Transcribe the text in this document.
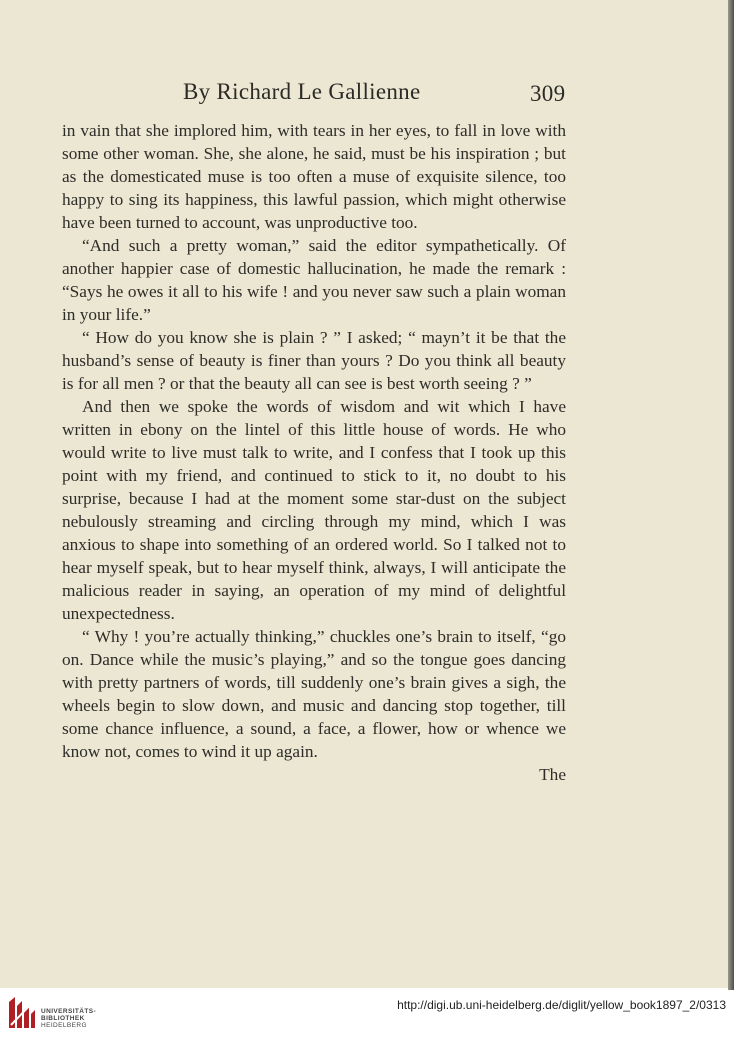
By Richard Le Gallienne	309

in vain that she implored him, with tears in her eyes, to fall in love with some other woman. She, she alone, he said, must be his inspiration ; but as the domesticated muse is too often a muse of exquisite silence, too happy to sing its happiness, this lawful passion, which might otherwise have been turned to account, was unproductive too.

“And such a pretty woman,” said the editor sympathetically. Of another happier case of domestic hallucination, he made the remark : “Says he owes it all to his wife ! and you never saw such a plain woman in your life.”

“ How do you know she is plain ? ” I asked; “ mayn’t it be that the husband’s sense of beauty is finer than yours ? Do you think all beauty is for all men ? or that the beauty all can see is best worth seeing ? ”

And then we spoke the words of wisdom and wit which I have written in ebony on the lintel of this little house of words. He who would write to live must talk to write, and I confess that I took up this point with my friend, and continued to stick to it, no doubt to his surprise, because I had at the moment some star-dust on the subject nebulously streaming and circling through my mind, which I was anxious to shape into something of an ordered world. So I talked not to hear myself speak, but to hear myself think, always, I will anticipate the malicious reader in saying, an operation of my mind of delightful unexpectedness.

“ Why ! you’re actually thinking,” chuckles one’s brain to itself, “go on. Dance while the music’s playing,” and so the tongue goes dancing with pretty partners of words, till suddenly one’s brain gives a sigh, the wheels begin to slow down, and music and dancing stop together, till some chance influence, a sound, a face, a flower, how or whence we know not, comes to wind it up again.

The

UNIVERSITÄTS-
BIBLIOTHEK
HEIDELBERG
http://digi.ub.uni-heidelberg.de/diglit/yellow_book1897_2/0313
